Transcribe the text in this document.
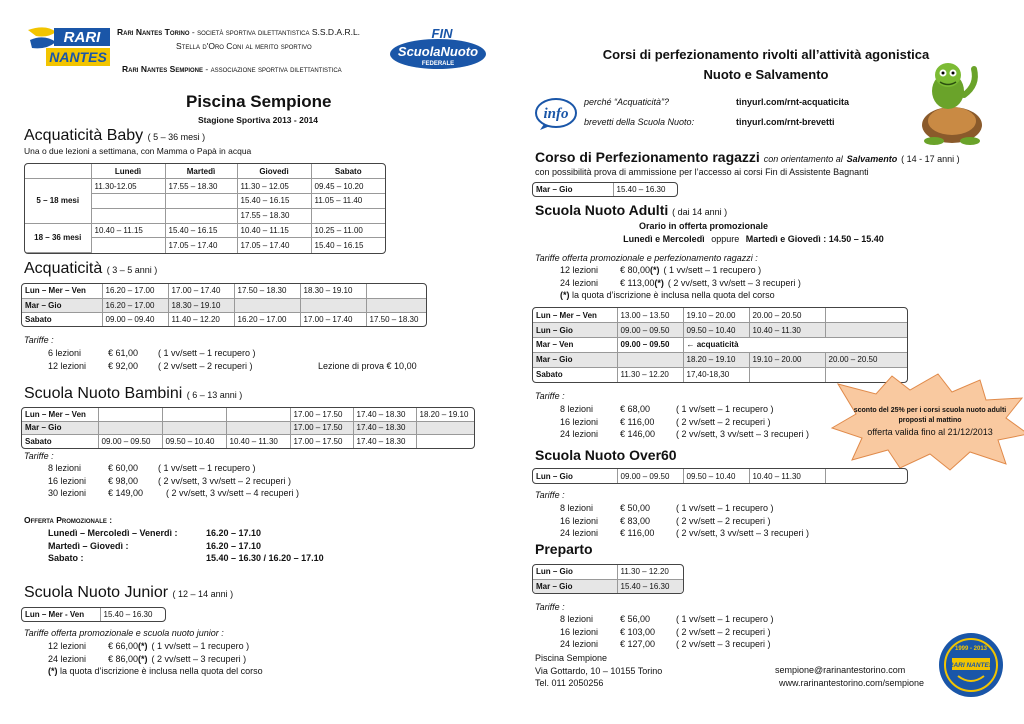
RARI
NANTES
Rari Nantes Torino - società sportiva dilettantistica S.S.D.A.R.L.
Stella d'Oro Coni al merito sportivo
Rari Nantes Sempione - associazione sportiva dilettantistica
FIN
ScuolaNuoto
FEDERALE
Piscina Sempione
Stagione Sportiva 2013 - 2014
Acquaticità Baby ( 5 – 36 mesi )
Una o due lezioni a settimana, con Mamma o Papà in acqua
	Lunedì	Martedì	Giovedì	Sabato
5 – 18 mesi	11.30-12.05	17.55 – 18.30	11.30 – 12.05	09.45 – 10.20
			15.40 – 16.15	11.05 – 11.40
			17.55 – 18.30	
18 – 36 mesi	10.40 – 11.15	15.40 – 16.15	10.40 – 11.15	10.25 – 11.00
		17.05 – 17.40	17.05 – 17.40	15.40 – 16.15
Acquaticità ( 3 – 5 anni )
Lun – Mer – Ven	16.20 – 17.00	17.00 – 17.40	17.50 – 18.30	18.30 – 19.10	
Mar – Gio	16.20 – 17.00	18.30 – 19.10			
Sabato	09.00 – 09.40	11.40 – 12.20	16.20 – 17.00	17.00 – 17.40	17.50 – 18.30
Tariffe :
6 lezioni	€ 61,00	( 1 vv/sett – 1 recupero )
12 lezioni	€ 92,00	( 2 vv/sett – 2 recuperi )	Lezione di prova € 10,00
Scuola Nuoto Bambini ( 6 – 13 anni )
Lun – Mer – Ven				17.00 – 17.50	17.40 – 18.30	18.20 – 19.10
Mar – Gio				17.00 – 17.50	17.40 – 18.30	
Sabato	09.00 – 09.50	09.50 – 10.40	10.40 – 11.30	17.00 – 17.50	17.40 – 18.30	
Tariffe :
8 lezioni	€ 60,00	( 1 vv/sett – 1 recupero )
16 lezioni	€ 98,00	( 2 vv/sett, 3 vv/sett – 2 recuperi )
30 lezioni	€ 149,00	( 2 vv/sett, 3 vv/sett – 4 recuperi )
Offerta Promozionale :
Lunedì – Mercoledì – Venerdì :	16.20 – 17.10
Martedì – Giovedì :	16.20 – 17.10
Sabato :	15.40 – 16.30 / 16.20 – 17.10
Scuola Nuoto Junior ( 12 – 14 anni )
Lun – Mer - Ven	15.40 – 16.30
Tariffe offerta promozionale e scuola nuoto junior :
12 lezioni	€ 66,00 (*) ( 1 vv/sett – 1 recupero )
24 lezioni	€ 86,00 (*) ( 2 vv/sett – 3 recuperi )
(*) la quota d’iscrizione è inclusa nella quota del corso
Corsi di perfezionamento rivolti all’attività agonistica
Nuoto e Salvamento
info
perché “Acquaticità”?	tinyurl.com/rnt-acquaticita
brevetti della Scuola Nuoto:	tinyurl.com/rnt-brevetti
Corso di Perfezionamento ragazzi con orientamento al Salvamento ( 14 - 17 anni )
con possibilità prova di ammissione per l’accesso ai corsi Fin di Assistente Bagnanti
Mar – Gio	15.40 – 16.30
Scuola Nuoto Adulti ( dai 14 anni )
Orario in offerta promozionale
Lunedì e Mercoledì oppure Martedì e Giovedì : 14.50 – 15.40
Tariffe offerta promozionale e perfezionamento ragazzi :
12 lezioni	€ 80,00 (*) ( 1 vv/sett – 1 recupero )
24 lezioni	€ 113,00 (*) ( 2 vv/sett, 3 vv/sett – 3 recuperi )
(*) la quota d’iscrizione è inclusa nella quota del corso
Lun – Mer – Ven	13.00 – 13.50	19.10 – 20.00	20.00 – 20.50	
Lun – Gio	09.00 – 09.50	09.50 – 10.40	10.40 – 11.30	
Mar – Ven	09.00 – 09.50	← acquaticità		
Mar – Gio		18.20 – 19.10	19.10 – 20.00	20.00 – 20.50
Sabato	11.30 – 12.20	17,40-18,30		
Tariffe :
8 lezioni	€ 68,00	( 1 vv/sett – 1 recupero )
16 lezioni	€ 116,00	( 2 vv/sett – 2 recuperi )
24 lezioni	€ 146,00	( 2 vv/sett, 3 vv/sett – 3 recuperi )
sconto del 25% per i corsi scuola nuoto adulti
proposti al mattino
offerta valida fino al 21/12/2013
Scuola Nuoto Over60
Lun – Gio	09.00 – 09.50	09.50 – 10.40	10.40 – 11.30	
Tariffe :
8 lezioni	€ 50,00	( 1 vv/sett – 1 recupero )
16 lezioni	€ 83,00	( 2 vv/sett – 2 recuperi )
24 lezioni	€ 116,00	( 2 vv/sett, 3 vv/sett – 3 recuperi )
Preparto
Lun – Gio	11.30 – 12.20
Mar – Gio	15.40 – 16.30
Tariffe :
8 lezioni	€ 56,00	( 1 vv/sett – 1 recupero )
16 lezioni	€ 103,00	( 2 vv/sett – 2 recuperi )
24 lezioni	€ 127,00	( 2 vv/sett – 3 recuperi )
Piscina Sempione
Via Gottardo, 10 – 10155 Torino
Tel. 011 2050256
sempione@rarinantestorino.com
www.rarinantestorino.com/sempione
1999 - 2013
RARI NANTES
